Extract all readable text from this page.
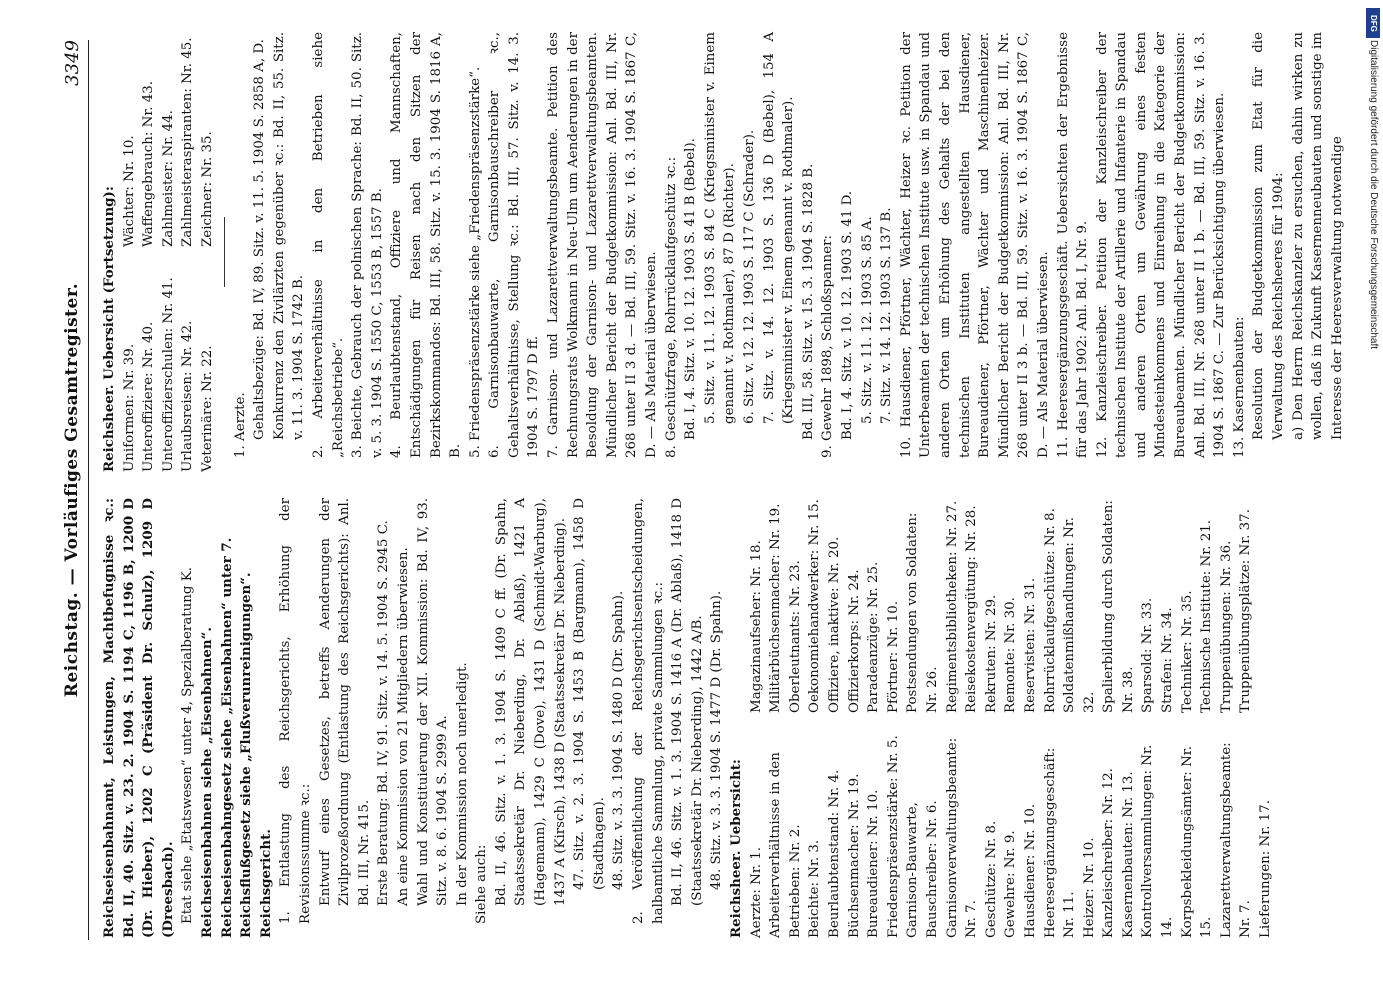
Reichstag. — Vorläufiges Gesamtregister.
3349

Reichseisenbahnamt, Leistungen, Machtbefugnisse ꝛc.: Bd. II, 40. Sitz. v. 23. 2. 1904 S. 1194 C, 1196 B, 1200 D (Dr. Hieber), 1202 C (Präsident Dr. Schulz), 1209 D (Dreesbach). Etat siehe „Etatswesen“ unter 4, Spezialberatung K. Reichseisenbahnen siehe „Eisenbahnen“. Reichseisenbahngesetz siehe „Eisenbahnen“ unter 7. Reichsflußgesetz siehe „Flußverunreinigungen“. Reichsgericht. 1. Entlastung des Reichsgerichts, Erhöhung der Revisionssumme ꝛc.: Entwurf eines Gesetzes, betreffs Aenderungen der Zivilprozeßordnung (Entlastung des Reichsgerichts): Anl. Bd. III, Nr. 415. Erste Beratung: Bd. IV, 91. Sitz. v. 14. 5. 1904 S. 2945 C. An eine Kommission von 21 Mitgliedern überwiesen. Wahl und Konstituierung der XII. Kommission: Bd. IV, 93. Sitz. v. 8. 6. 1904 S. 2999 A. In der Kommission noch unerledigt. Siehe auch: Bd. II, 46. Sitz. v. 1. 3. 1904 S. 1409 C ff. (Dr. Spahn, Staatssekretär Dr. Nieberding, Dr. Ablaß), 1421 A (Hagemann), 1429 C (Dove), 1431 D (Schmidt-Warburg), 1437 A (Kirsch), 1438 D (Staatssekretär Dr. Nieberding). 47. Sitz. v. 2. 3. 1904 S. 1453 B (Bargmann), 1458 D (Stadthagen). 48. Sitz. v. 3. 3. 1904 S. 1480 D (Dr. Spahn). 2. Veröffentlichung der Reichsgerichtsentscheidungen, halbamtliche Sammlung, private Sammlungen ꝛc.: Bd. II, 46. Sitz. v. 1. 3. 1904 S. 1416 A (Dr. Ablaß), 1418 D (Staatssekretär Dr. Nieberding), 1442 A/B. 48. Sitz. v. 3. 3. 1904 S. 1477 D (Dr. Spahn). Reichsheer. Uebersicht: Aerzte: Nr. 1. Arbeiterverhältnisse in den Betrieben: Nr. 2. Beichte: Nr. 3. Beurlaubtenstand: Nr. 4. Büchsenmacher: Nr. 19. Bureaudiener: Nr. 10. Friedenspräsenzstärke: Nr. 5. Garnison-Bauwarte, Bauschreiber: Nr. 6. Garnisonverwaltungsbeamte: Nr. 7. Geschütze: Nr. 8. Gewehre: Nr. 9. Hausdiener: Nr. 10. Heeresergänzungsgeschäft: Nr. 11. Heizer: Nr. 10. Kanzleischreiber: Nr. 12. Kasernenbauten: Nr. 13. Kontrollversammlungen: Nr. 14. Korpsbekleidungsämter: Nr. 15. Lazarettverwaltungsbeamte: Nr. 7. Lieferungen: Nr. 17.

Magazinaufseher: Nr. 18. Militärbüchsenmacher: Nr. 19. Oberleutnants: Nr. 23. Oekonomiehandwerker: Nr. 15. Offiziere, inaktive: Nr. 20. Offizierkorps: Nr. 24. Paradeanzüge: Nr. 25. Pförtner: Nr. 10. Postsendungen von Soldaten: Nr. 26. Regimentsbibliotheken: Nr. 27. Reisekostenvergütung: Nr. 28. Rekruten: Nr. 29. Remonte: Nr. 30. Reservisten: Nr. 31. Rohrrücklaufgeschütze: Nr. 8. Soldatenmißhandlungen: Nr. 32. Spalierbildung durch Soldaten: Nr. 38. Sparsold: Nr. 33. Strafen: Nr. 34. Techniker: Nr. 35. Technische Institute: Nr. 21. Truppenübungen: Nr. 36. Truppenübungsplätze: Nr. 37.

Reichsheer. Uebersicht (Fortsetzung): Uniformen: Nr. 39. Unteroffiziere: Nr. 40. Unteroffizierschulen: Nr. 41. Urlaubsreisen: Nr. 42. Veterinäre: Nr. 22.

Wächter: Nr. 10. Waffengebrauch: Nr. 43. Zahlmeister: Nr. 44. Zahlmeisteraspiranten: Nr. 45. Zeichner: Nr. 35.

1. Aerzte. Gehaltsbezüge: Bd. IV, 89. Sitz. v. 11. 5. 1904 S. 2858 A, D. Konkurrenz den Zivilärzten gegenüber ꝛc.: Bd. II, 55. Sitz. v. 11. 3. 1904 S. 1742 B. 2. Arbeiterverhältnisse in den Betrieben siehe „Reichsbetriebe“. 3. Beichte, Gebrauch der polnischen Sprache: Bd. II, 50. Sitz. v. 5. 3. 1904 S. 1550 C, 1553 B, 1557 B. 4. Beurlaubtenstand, Offiziere und Mannschaften, Entschädigungen für Reisen nach den Sitzen der Bezirkskommandos: Bd. III, 58. Sitz. v. 15. 3. 1904 S. 1816 A, B. 5. Friedenspräsenzstärke siehe „Friedenspräsenzstärke“. 6. Garnisonbauwarte, Garnisonbauschreiber ꝛc., Gehaltsverhältnisse, Stellung ꝛc.: Bd. III, 57. Sitz. v. 14. 3. 1904 S. 1797 D ff. 7. Garnison- und Lazarettverwaltungsbeamte. Petition des Rechnungsrats Wolkmann in Neu-Ulm um Aenderungen in der Besoldung der Garnison- und Lazarettverwaltungsbeamten. Mündlicher Bericht der Budgetkommission: Anl. Bd. III, Nr. 268 unter II 3 d. — Bd. III, 59. Sitz. v. 16. 3. 1904 S. 1867 C, D. — Als Material überwiesen. 8. Geschützfrage, Rohrrücklaufgeschütz ꝛc.: Bd. I, 4. Sitz. v. 10. 12. 1903 S. 41 B (Bebel). 5. Sitz. v. 11. 12. 1903 S. 84 C (Kriegsminister v. Einem genannt v. Rothmaler), 87 D (Richter). 6. Sitz. v. 12. 12. 1903 S. 117 C (Schrader). 7. Sitz. v. 14. 12. 1903 S. 136 D (Bebel), 154 A (Kriegsminister v. Einem genannt v. Rothmaler). Bd. III, 58. Sitz. v. 15. 3. 1904 S. 1828 B. 9. Gewehr 1898, Schloßspanner: Bd. I, 4. Sitz. v. 10. 12. 1903 S. 41 D. 5. Sitz. v. 11. 12. 1903 S. 85 A. 7. Sitz. v. 14. 12. 1903 S. 137 B. 10. Hausdiener, Pförtner, Wächter, Heizer ꝛc. Petition der Unterbeamten der technischen Institute usw. in Spandau und anderen Orten um Erhöhung des Gehalts der bei den technischen Instituten angestellten Hausdiener, Bureaudiener, Pförtner, Wächter und Maschinenheizer. Mündlicher Bericht der Budgetkommission: Anl. Bd. III, Nr. 268 unter II 3 b. — Bd. III, 59. Sitz. v. 16. 3. 1904 S. 1867 C, D. — Als Material überwiesen. 11. Heeresergänzungsgeschäft. Uebersichten der Ergebnisse für das Jahr 1902: Anl. Bd. I, Nr. 9. 12. Kanzleischreiber. Petition der Kanzleischreiber der technischen Institute der Artillerie und Infanterie in Spandau und anderen Orten um Gewährung eines festen Mindesteinkommens und Einreihung in die Kategorie der Bureaubeamten. Mündlicher Bericht der Budgetkommission: Anl. Bd. III, Nr. 268 unter II 1 b. — Bd. III, 59. Sitz. v. 16. 3. 1904 S. 1867 C. — Zur Berücksichtigung überwiesen. 13. Kasernenbauten: Resolution der Budgetkommission zum Etat für die Verwaltung des Reichsheeres für 1904: a) Den Herrn Reichskanzler zu ersuchen, dahin wirken zu wollen, daß in Zukunft Kasernenneubauten und sonstige im Interesse der Heeresverwaltung notwendige

DFG
Digitalisierung gefördert durch die Deutsche Forschungsgemeinschaft
